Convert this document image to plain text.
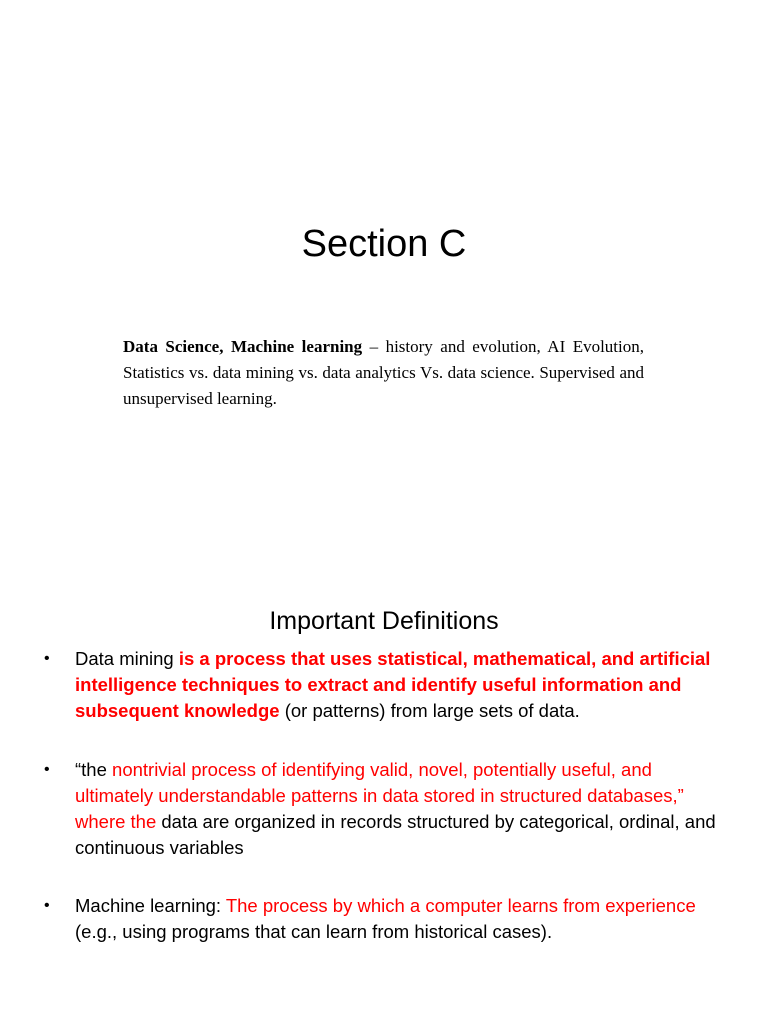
Section C
Data Science, Machine learning – history and evolution, AI Evolution, Statistics vs. data mining vs. data analytics Vs. data science. Supervised and unsupervised learning.
Important Definitions
• Data mining is a process that uses statistical, mathematical, and artificial intelligence techniques to extract and identify useful information and subsequent knowledge (or patterns) from large sets of data.
• “the nontrivial process of identifying valid, novel, potentially useful, and ultimately understandable patterns in data stored in structured databases,” where the data are organized in records structured by categorical, ordinal, and continuous variables
• Machine learning: The process by which a computer learns from experience (e.g., using programs that can learn from historical cases).
